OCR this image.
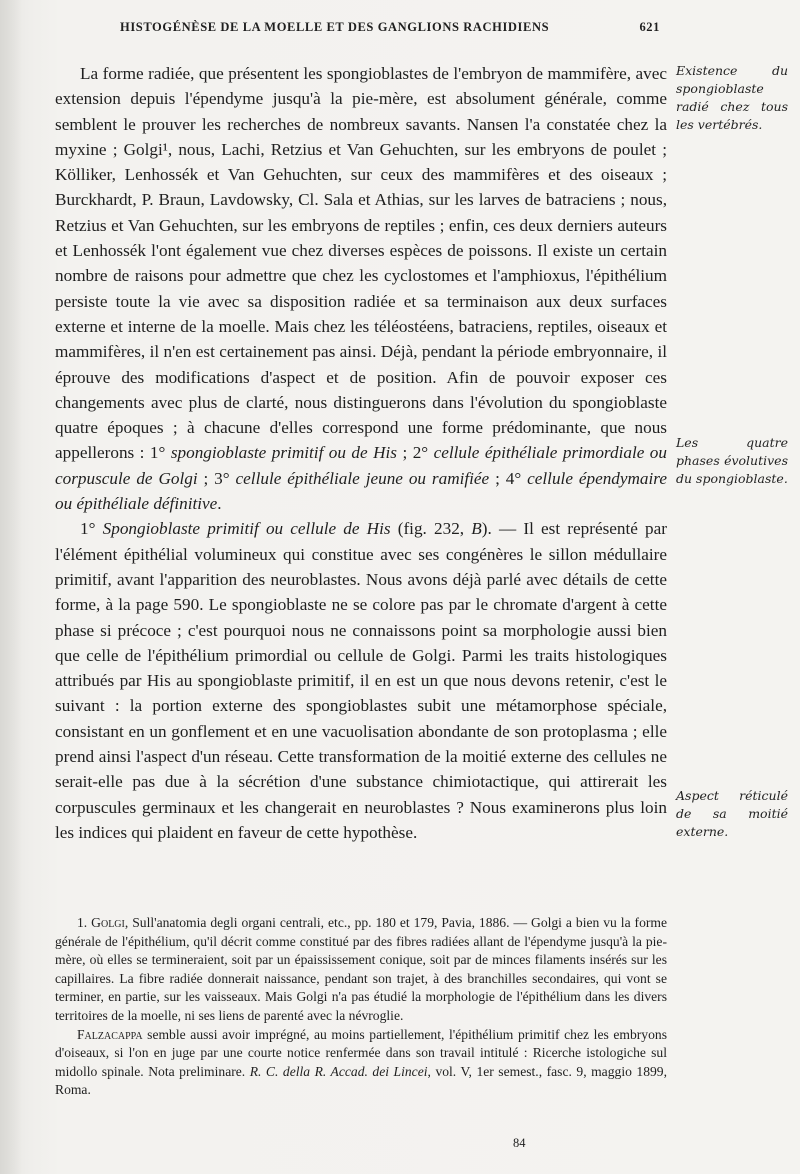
HISTOGÉNÈSE DE LA MOELLE ET DES GANGLIONS RACHIDIENS	621

La forme radiée, que présentent les spongioblastes de l'embryon de mammifère, avec extension depuis l'épendyme jusqu'à la pie-mère, est absolument générale, comme semblent le prouver les recherches de nombreux savants. Nansen l'a constatée chez la myxine ; Golgi¹, nous, Lachi, Retzius et Van Gehuchten, sur les embryons de poulet ; Kölliker, Lenhossék et Van Gehuchten, sur ceux des mammifères et des oiseaux ; Burckhardt, P. Braun, Lavdowsky, Cl. Sala et Athias, sur les larves de batraciens ; nous, Retzius et Van Gehuchten, sur les embryons de reptiles ; enfin, ces deux derniers auteurs et Lenhossék l'ont également vue chez diverses espèces de poissons. Il existe un certain nombre de raisons pour admettre que chez les cyclostomes et l'amphioxus, l'épithélium persiste toute la vie avec sa disposition radiée et sa terminaison aux deux surfaces externe et interne de la moelle. Mais chez les téléostéens, batraciens, reptiles, oiseaux et mammifères, il n'en est certainement pas ainsi. Déjà, pendant la période embryonnaire, il éprouve des modifications d'aspect et de position. Afin de pouvoir exposer ces changements avec plus de clarté, nous distinguerons dans l'évolution du spongioblaste quatre époques ; à chacune d'elles correspond une forme prédominante, que nous appellerons : 1° spongioblaste primitif ou de His ; 2° cellule épithéliale primordiale ou corpuscule de Golgi ; 3° cellule épithéliale jeune ou ramifiée ; 4° cellule épendymaire ou épithéliale définitive.

1° Spongioblaste primitif ou cellule de His (fig. 232, B). — Il est représenté par l'élément épithélial volumineux qui constitue avec ses congénères le sillon médullaire primitif, avant l'apparition des neuroblastes. Nous avons déjà parlé avec détails de cette forme, à la page 590. Le spongioblaste ne se colore pas par le chromate d'argent à cette phase si précoce ; c'est pourquoi nous ne connaissons point sa morphologie aussi bien que celle de l'épithélium primordial ou cellule de Golgi. Parmi les traits histologiques attribués par His au spongioblaste primitif, il en est un que nous devons retenir, c'est le suivant : la portion externe des spongioblastes subit une métamorphose spéciale, consistant en un gonflement et en une vacuolisation abondante de son protoplasma ; elle prend ainsi l'aspect d'un réseau. Cette transformation de la moitié externe des cellules ne serait-elle pas due à la sécrétion d'une substance chimiotactique, qui attirerait les corpuscules germinaux et les changerait en neuroblastes ? Nous examinerons plus loin les indices qui plaident en faveur de cette hypothèse.

Existence du spongioblaste radié chez tous les vertébrés.
Les quatre phases évolutives du spongioblaste.
Aspect réticulé de sa moitié externe.

1. Golgi, Sull'anatomia degli organi centrali, etc., pp. 180 et 179, Pavia, 1886. — Golgi a bien vu la forme générale de l'épithélium, qu'il décrit comme constitué par des fibres radiées allant de l'épendyme jusqu'à la pie-mère, où elles se termineraient, soit par un épaississement conique, soit par de minces filaments insérés sur les capillaires. La fibre radiée donnerait naissance, pendant son trajet, à des branchilles secondaires, qui vont se terminer, en partie, sur les vaisseaux. Mais Golgi n'a pas étudié la morphologie de l'épithélium dans les divers territoires de la moelle, ni ses liens de parenté avec la névroglie.

Falzacappa semble aussi avoir imprégné, au moins partiellement, l'épithélium primitif chez les embryons d'oiseaux, si l'on en juge par une courte notice renfermée dans son travail intitulé : Ricerche istologiche sul midollo spinale. Nota preliminare. R. C. della R. Accad. dei Lincei, vol. V, 1er semest., fasc. 9, maggio 1899, Roma.

84
